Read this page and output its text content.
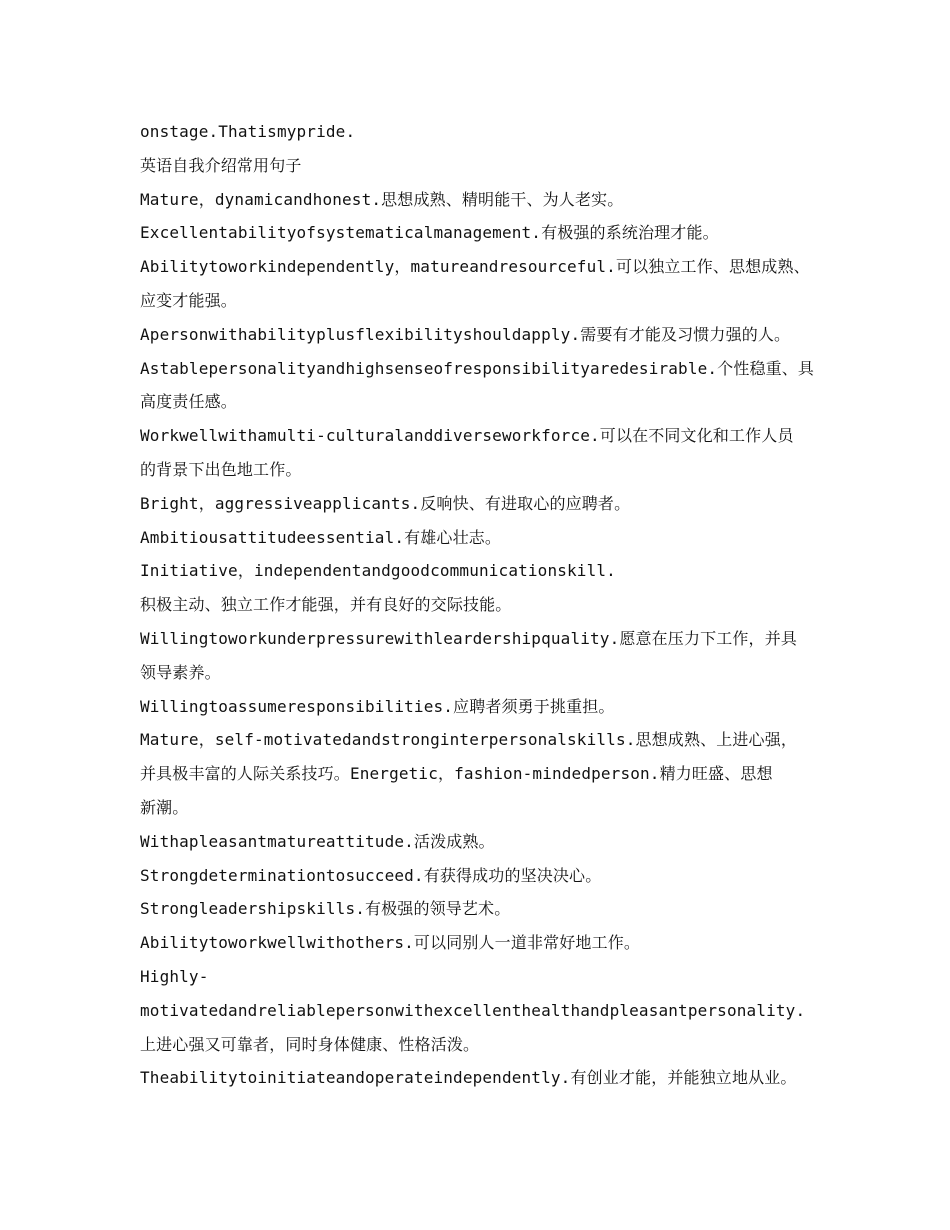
onstage.Thatismypride.
英语自我介绍常用句子
Mature，dynamicandhonest.思想成熟、精明能干、为人老实。
Excellentabilityofsystematicalmanagement.有极强的系统治理才能。
Abilitytoworkindependently，matureandresourceful.可以独立工作、思想成熟、
应变才能强。
Apersonwithabilityplusflexibilityshouldapply.需要有才能及习惯力强的人。
Astablepersonalityandhighsenseofresponsibilityaredesirable.个性稳重、具
高度责任感。
Workwellwithamulti-culturalanddiverseworkforce.可以在不同文化和工作人员
的背景下出色地工作。
Bright，aggressiveapplicants.反响快、有进取心的应聘者。
Ambitiousattitudeessential.有雄心壮志。
Initiative，independentandgoodcommunicationskill.
积极主动、独立工作才能强，并有良好的交际技能。
Willingtoworkunderpressurewithleardershipquality.愿意在压力下工作，并具
领导素养。
Willingtoassumeresponsibilities.应聘者须勇于挑重担。
Mature，self-motivatedandstronginterpersonalskills.思想成熟、上进心强，
并具极丰富的人际关系技巧。Energetic，fashion-mindedperson.精力旺盛、思想
新潮。
Withapleasantmatureattitude.活泼成熟。
Strongdeterminationtosucceed.有获得成功的坚决决心。
Strongleadershipskills.有极强的领导艺术。
Abilitytoworkwellwithothers.可以同别人一道非常好地工作。
Highly-
motivatedandreliablepersonwithexcellenthealthandpleasantpersonality.
上进心强又可靠者，同时身体健康、性格活泼。
Theabilitytoinitiateandoperateindependently.有创业才能，并能独立地从业。
